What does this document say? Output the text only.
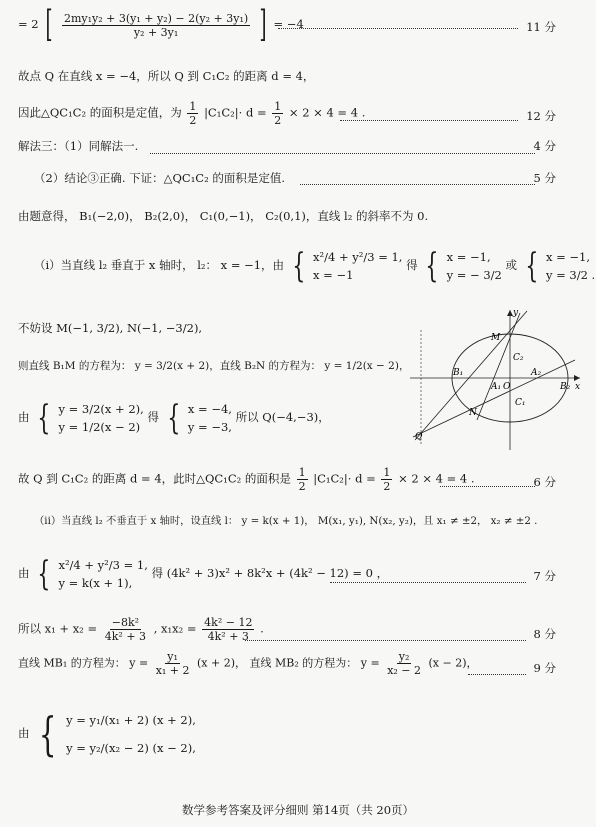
= 2 [ $\frac{\text{2my₁y₂ + 3(y₁ + y₂) − 2(y₂ + 3y₁)}}{\text{y₂ + 3y₁}}$ ] = −4	11 分
故点 Q 在直线 x = −4，所以 Q 到 C₁C₂ 的距离 d = 4，
因此△QC₁C₂ 的面积是定值，为 $\frac{1}{2} |C_1C_2|\cdot d = \frac{1}{2} \times 2 \times 4 = 4$ .	12 分
解法三：（1）同解法一.	4 分
（2）结论③正确. 下证：△QC₁C₂ 的面积是定值.	5 分
由题意得， B₁(−2,0)， B₂(2,0)， C₁(0,−1)， C₂(0,1)，直线 l₂ 的斜率不为 0.
（i）当直线 l₂ 垂直于 x 轴时， l₂： x = −1，由 { x²/4 + y²/3 = 1,
x = −1
得 { x = −1,
y = − 3/2
或 { x = −1,
y = 3/2 .
不妨设 M(−1, 3/2), N(−1, −3/2),
则直线 B₁M 的方程为： y = 3/2(x + 2)，直线 B₂N 的方程为： y = 1/2(x − 2)，
y
x
M
N
C₂
C₁
B₁
B₂
A₁
A₂
O
Q
由 { y = 3/2(x + 2),
y = 1/2(x − 2)
得 { x = −4,
y = −3,
所以 Q(−4,−3)，
故 Q 到 C₁C₂ 的距离 d = 4，此时△QC₁C₂ 的面积是 $\frac{1}{2} |C_1C_2|\cdot d = \frac{1}{2} \times 2 \times 4 = 4$ .	6 分
（ii）当直线 l₂ 不垂直于 x 轴时，设直线 l： y = k(x + 1)， M(x₁, y₁), N(x₂, y₂)，且 x₁ ≠ ±2， x₂ ≠ ±2 .
由 { x²/4 + y²/3 = 1,
y = k(x + 1),
得 (4k² + 3)x² + 8k²x + (4k² − 12) = 0 ，	7 分
所以 $x_1 + x_2 = \frac{\text{−8k²}}{\text{4k² + 3}}$ , $x_1x_2 = \frac{\text{4k² − 12}}{\text{4k² + 3}}$ .	8 分
直线 MB₁ 的方程为： $y = \frac{\text{y₁}}{\text{x₁ + 2}} (x + 2)$， 直线 MB₂ 的方程为： $y = \frac{\text{y₂}}{\text{x₂ − 2}} (x - 2)$，	9 分
由 { y = y₁/(x₁ + 2) (x + 2),
y = y₂/(x₂ − 2) (x − 2),
数学参考答案及评分细则 第14页（共 20页）
